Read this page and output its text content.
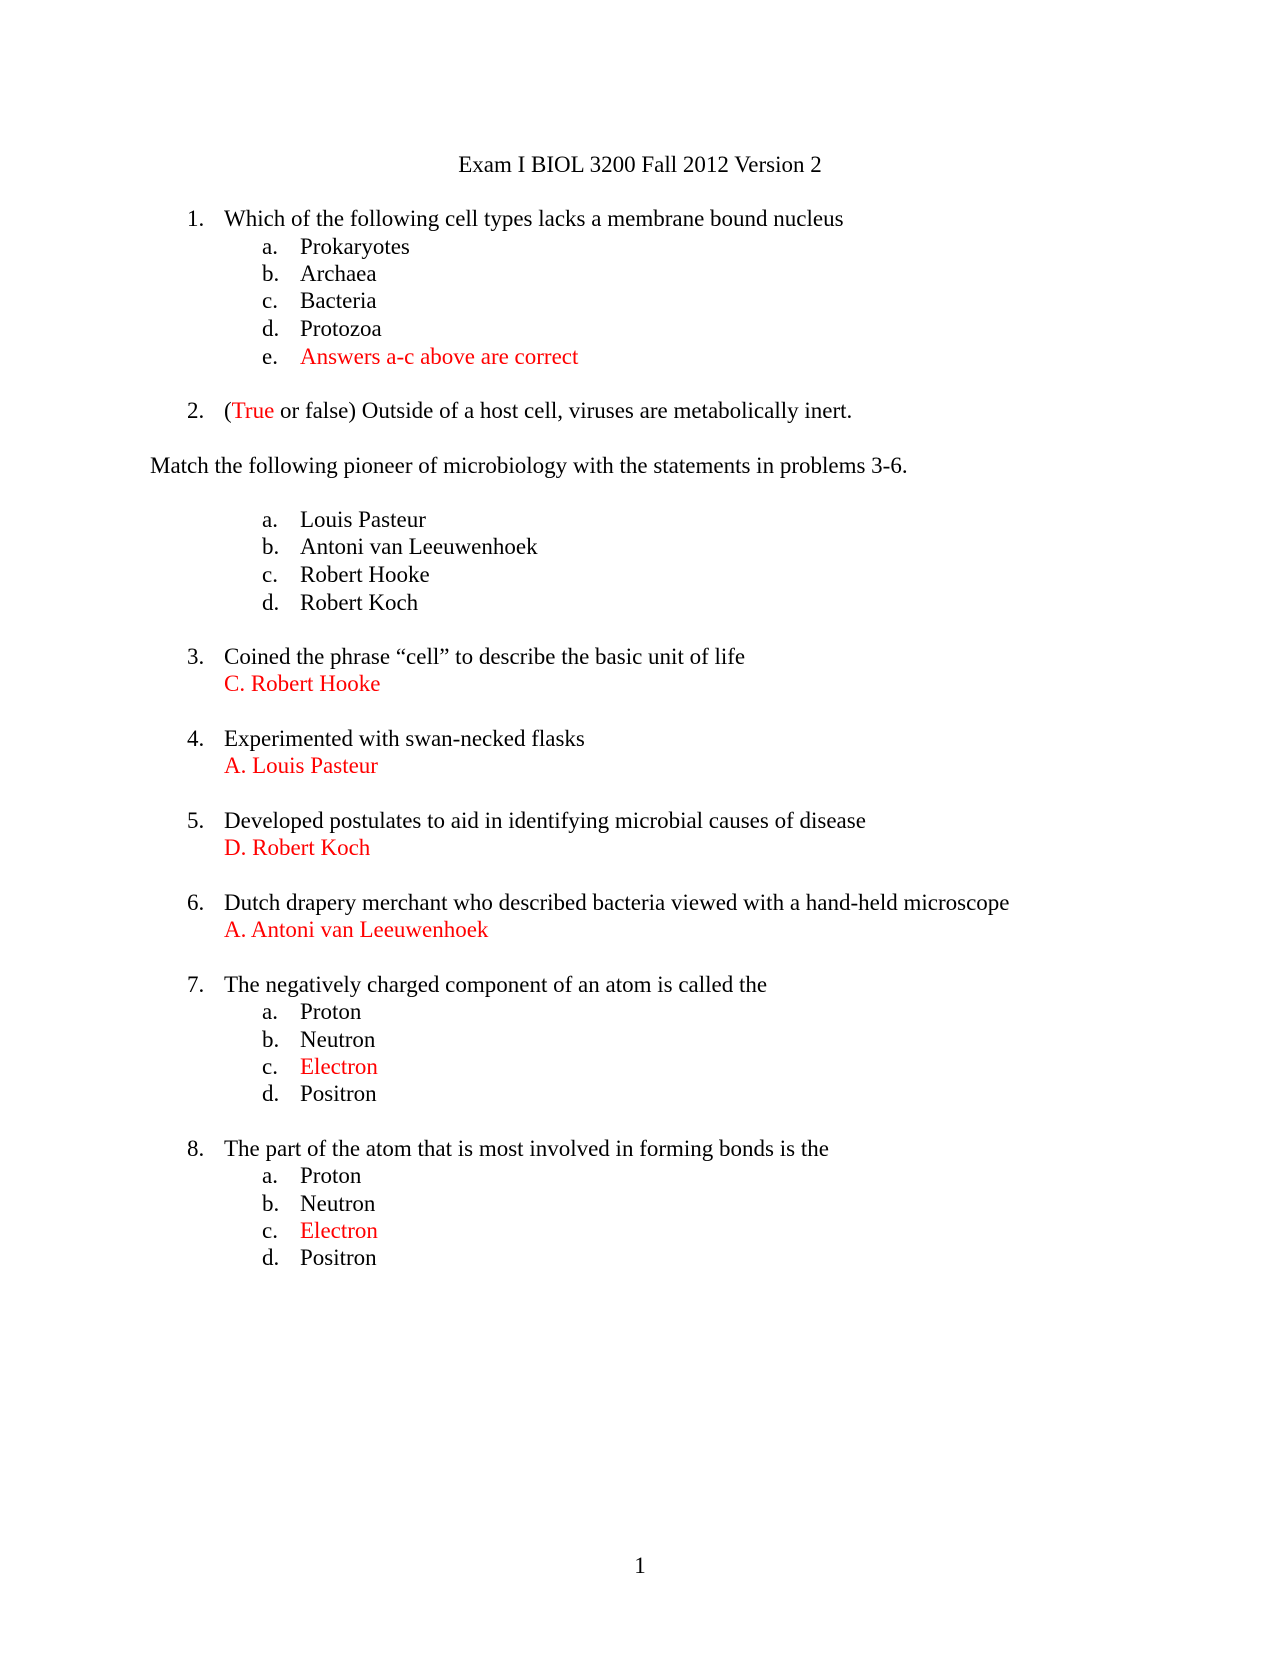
Exam I BIOL 3200 Fall 2012 Version 2
1. Which of the following cell types lacks a membrane bound nucleus
a. Prokaryotes
b. Archaea
c. Bacteria
d. Protozoa
e. Answers a-c above are correct
2. (True or false) Outside of a host cell, viruses are metabolically inert.
Match the following pioneer of microbiology with the statements in problems 3-6.
a. Louis Pasteur
b. Antoni van Leeuwenhoek
c. Robert Hooke
d. Robert Koch
3. Coined the phrase “cell” to describe the basic unit of life
C. Robert Hooke
4. Experimented with swan-necked flasks
A. Louis Pasteur
5. Developed postulates to aid in identifying microbial causes of disease
D. Robert Koch
6. Dutch drapery merchant who described bacteria viewed with a hand-held microscope
A. Antoni van Leeuwenhoek
7. The negatively charged component of an atom is called the
a. Proton
b. Neutron
c. Electron
d. Positron
8. The part of the atom that is most involved in forming bonds is the
a. Proton
b. Neutron
c. Electron
d. Positron
1
